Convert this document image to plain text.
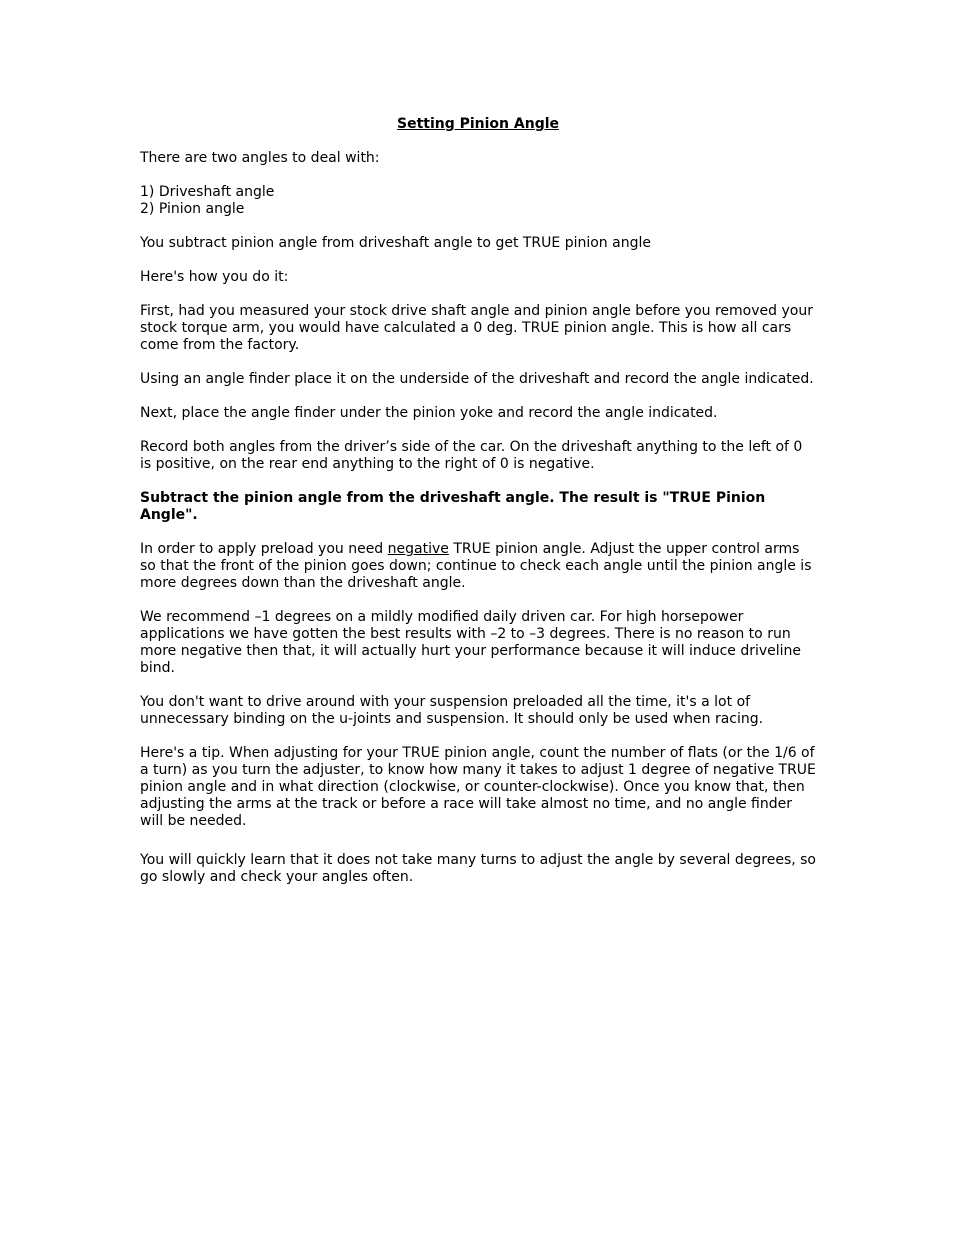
Setting Pinion Angle
There are two angles to deal with:
1) Driveshaft angle
2) Pinion angle
You subtract pinion angle from driveshaft angle to get TRUE pinion angle
Here's how you do it:
First, had you measured your stock drive shaft angle and pinion angle before you removed your stock torque arm, you would have calculated a 0 deg. TRUE pinion angle. This is how all cars come from the factory.
Using an angle finder place it on the underside of the driveshaft and record the angle indicated.
Next, place the angle finder under the pinion yoke and record the angle indicated.
Record both angles from the driver’s side of the car. On the driveshaft anything to the left of 0 is positive, on the rear end anything to the right of 0 is negative.
Subtract the pinion angle from the driveshaft angle. The result is "TRUE Pinion Angle".
In order to apply preload you need negative TRUE pinion angle. Adjust the upper control arms so that the front of the pinion goes down; continue to check each angle until the pinion angle is more degrees down than the driveshaft angle.
We recommend –1 degrees on a mildly modified daily driven car. For high horsepower applications we have gotten the best results with –2 to –3 degrees. There is no reason to run more negative then that, it will actually hurt your performance because it will induce driveline bind.
You don't want to drive around with your suspension preloaded all the time, it's a lot of unnecessary binding on the u-joints and suspension. It should only be used when racing.
Here's a tip. When adjusting for your TRUE pinion angle, count the number of flats (or the 1/6 of a turn) as you turn the adjuster, to know how many it takes to adjust 1 degree of negative TRUE pinion angle and in what direction (clockwise, or counter-clockwise). Once you know that, then adjusting the arms at the track or before a race will take almost no time, and no angle finder will be needed.
You will quickly learn that it does not take many turns to adjust the angle by several degrees, so go slowly and check your angles often.
